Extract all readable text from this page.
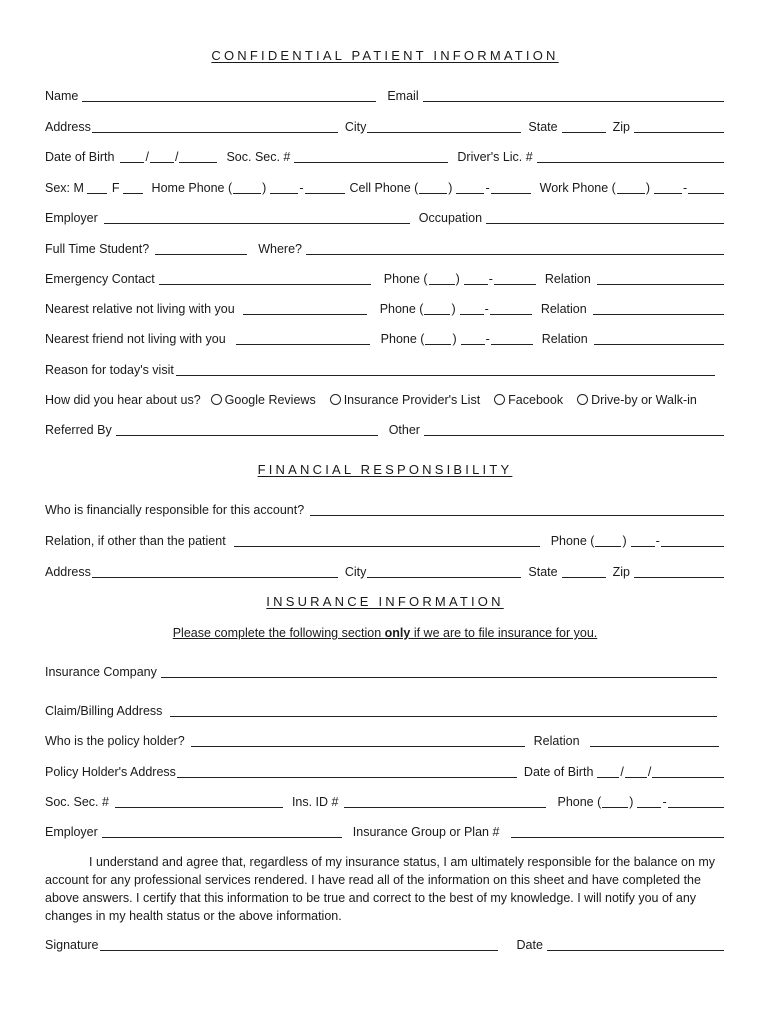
CONFIDENTIAL PATIENT INFORMATION
Name	Email
Address	City	State	Zip
Date of Birth / /	Soc. Sec. #	Driver's Lic. #
Sex: M F	Home Phone ( )	-	Cell Phone ( )	-	Work Phone ( )	-
Employer	Occupation
Full Time Student?	Where?
Emergency Contact	Phone ( ) -	Relation
Nearest relative not living with you	Phone ( ) -	Relation
Nearest friend not living with you	Phone ( ) -	Relation
Reason for today's visit
How did you hear about us? Google Reviews Insurance Provider's List Facebook Drive-by or Walk-in
Referred By	Other
FINANCIAL RESPONSIBILITY
Who is financially responsible for this account?
Relation, if other than the patient	Phone ( ) -
Address	City	State	Zip
INSURANCE INFORMATION
Please complete the following section only if we are to file insurance for you.
Insurance Company
Claim/Billing Address
Who is the policy holder?	Relation
Policy Holder's Address	Date of Birth / /
Soc. Sec. #	Ins. ID #	Phone ( ) -
Employer	Insurance Group or Plan #
I understand and agree that, regardless of my insurance status, I am ultimately responsible for the balance on my account for any professional services rendered. I have read all of the information on this sheet and have completed the above answers. I certify that this information to be true and correct to the best of my knowledge. I will notify you of any changes in my health status or the above information.
Signature	Date
